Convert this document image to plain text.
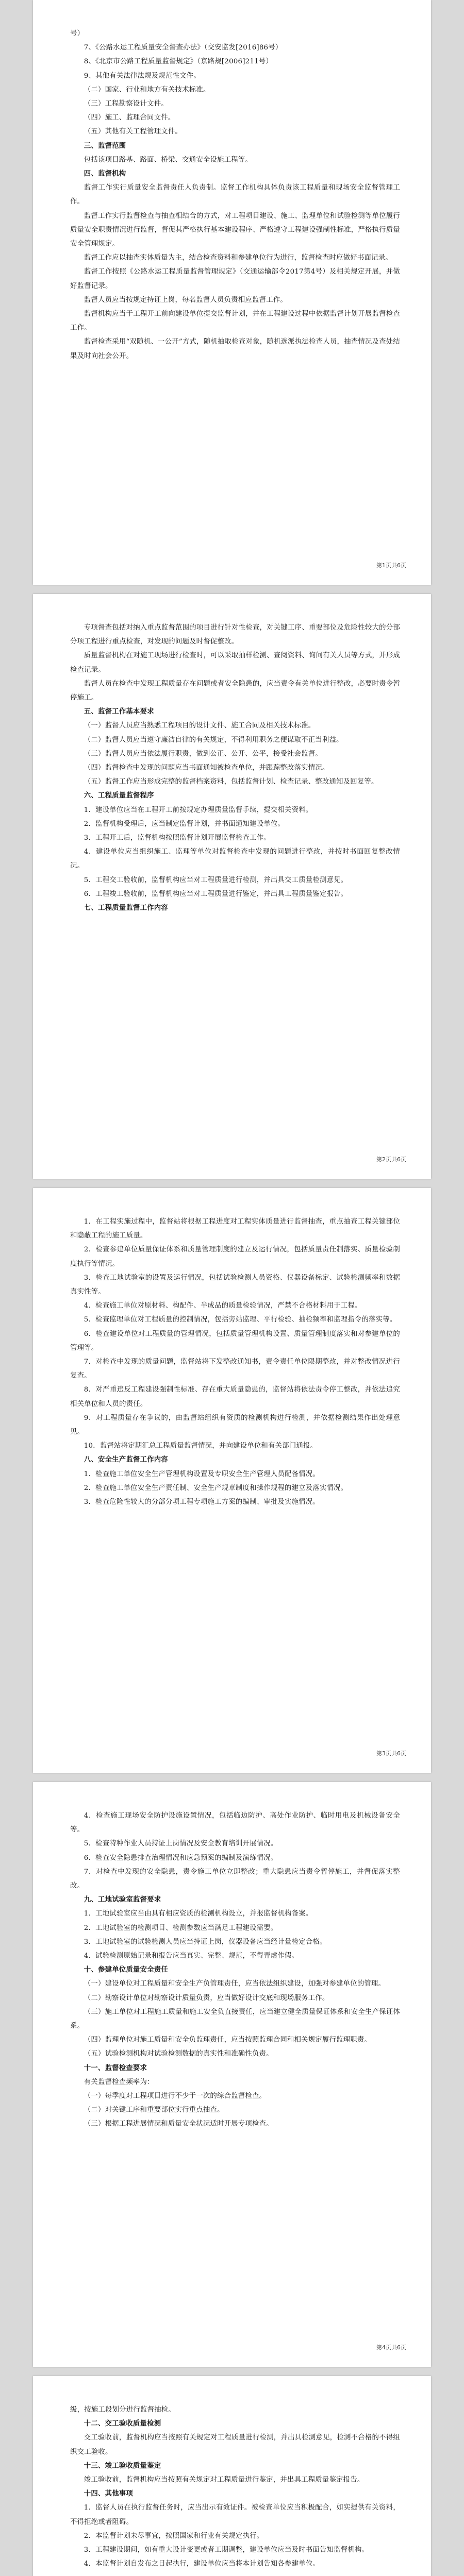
号）

7、《公路水运工程质量安全督查办法》（交安监发[2016]86号）

8、《北京市公路工程质量监督规定》（京路规[2006]211号）

9、其他有关法律法规及规范性文件。

（二）国家、行业和地方有关技术标准。

（三）工程勘察设计文件。

（四）施工、监理合同文件。

（五）其他有关工程管理文件。

三、监督范围

包括该项目路基、路面、桥梁、交通安全设施工程等。

四、监督机构

监督工作实行质量安全监督责任人负责制。监督工作机构具体负责该工程质量和现场安全监督管理工作。

监督工作实行监督检查与抽查相结合的方式，对工程项目建设、施工、监理单位和试验检测等单位履行质量安全职责情况进行监督，督促其严格执行基本建设程序、严格遵守工程建设强制性标准，严格执行质量安全管理规定。

监督工作应以抽查实体质量为主，结合检查资料和参建单位行为进行，监督检查时应做好书面记录。

监督工作按照《公路水运工程质量监督管理规定》（交通运输部令2017第4号）及相关规定开展，并做好监督记录。

监督人员应当按规定持证上岗，每名监督人员负责相应监督工作。

监督机构应当于工程开工前向建设单位提交监督计划，并在工程建设过程中依据监督计划开展监督检查工作。

监督检查采用“双随机、一公开”方式，随机抽取检查对象，随机选派执法检查人员，抽查情况及查处结果及时向社会公开。

第1页共6页

专项督查包括对纳入重点监督范围的项目进行针对性检查，对关键工序、重要部位及危险性较大的分部分项工程进行重点检查，对发现的问题及时督促整改。

质量监督机构在对施工现场进行检查时，可以采取抽样检测、查阅资料、询问有关人员等方式，并形成检查记录。

监督人员在检查中发现工程质量存在问题或者安全隐患的，应当责令有关单位进行整改，必要时责令暂停施工。

五、监督工作基本要求

（一）监督人员应当熟悉工程项目的设计文件、施工合同及相关技术标准。

（二）监督人员应当遵守廉洁自律的有关规定，不得利用职务之便谋取不正当利益。

（三）监督人员应当依法履行职责，做到公正、公开、公平，接受社会监督。

（四）监督检查中发现的问题应当书面通知被检查单位，并跟踪整改落实情况。

（五）监督工作应当形成完整的监督档案资料，包括监督计划、检查记录、整改通知及回复等。

六、工程质量监督程序

1．建设单位应当在工程开工前按规定办理质量监督手续，提交相关资料。

2．监督机构受理后，应当制定监督计划，并书面通知建设单位。

3．工程开工后，监督机构按照监督计划开展监督检查工作。

4．建设单位应当组织施工、监理等单位对监督检查中发现的问题进行整改，并按时书面回复整改情况。

5．工程交工验收前，监督机构应当对工程质量进行检测，并出具交工质量检测意见。

6．工程竣工验收前，监督机构应当对工程质量进行鉴定，并出具工程质量鉴定报告。

七、工程质量监督工作内容

第2页共6页

1．在工程实施过程中，监督站将根据工程进度对工程实体质量进行监督抽查，重点抽查工程关键部位和隐蔽工程的施工质量。

2．检查参建单位质量保证体系和质量管理制度的建立及运行情况，包括质量责任制落实、质量检验制度执行等情况。

3．检查工地试验室的设置及运行情况，包括试验检测人员资格、仪器设备标定、试验检测频率和数据真实性等。

4．检查施工单位对原材料、构配件、半成品的质量检验情况，严禁不合格材料用于工程。

5．检查监理单位对工程质量的控制情况，包括旁站监理、平行检验、抽检频率和监理指令的落实等。

6．检查建设单位对工程质量的管理情况，包括质量管理机构设置、质量管理制度落实和对参建单位的管理等。

7．对检查中发现的质量问题，监督站将下发整改通知书，责令责任单位限期整改，并对整改情况进行复查。

8．对严重违反工程建设强制性标准、存在重大质量隐患的，监督站将依法责令停工整改，并依法追究相关单位和人员的责任。

9．对工程质量存在争议的，由监督站组织有资质的检测机构进行检测，并依据检测结果作出处理意见。

10．监督站将定期汇总工程质量监督情况，并向建设单位和有关部门通报。

八、安全生产监督工作内容

1．检查施工单位安全生产管理机构设置及专职安全生产管理人员配备情况。

2．检查施工单位安全生产责任制、安全生产规章制度和操作规程的建立及落实情况。

3．检查危险性较大的分部分项工程专项施工方案的编制、审批及实施情况。

第3页共6页

4．检查施工现场安全防护设施设置情况，包括临边防护、高处作业防护、临时用电及机械设备安全等。

5．检查特种作业人员持证上岗情况及安全教育培训开展情况。

6．检查安全隐患排查治理情况和应急预案的编制及演练情况。

7．对检查中发现的安全隐患，责令施工单位立即整改；重大隐患应当责令暂停施工，并督促落实整改。

九、工地试验室监督要求

1．工地试验室应当由具有相应资质的检测机构设立，并报监督机构备案。

2．工地试验室的检测项目、检测参数应当满足工程建设需要。

3．工地试验室的试验检测人员应当持证上岗，仪器设备应当经计量检定合格。

4．试验检测原始记录和报告应当真实、完整、规范，不得弄虚作假。

十、参建单位质量安全责任

（一）建设单位对工程质量和安全生产负管理责任，应当依法组织建设，加强对参建单位的管理。

（二）勘察设计单位对勘察设计质量负责，应当做好设计交底和现场服务工作。

（三）施工单位对工程施工质量和施工安全负直接责任，应当建立健全质量保证体系和安全生产保证体系。

（四）监理单位对施工质量和安全负监理责任，应当按照监理合同和相关规定履行监理职责。

（五）试验检测机构对试验检测数据的真实性和准确性负责。

十一、监督检查要求

有关监督检查频率为：

（一）每季度对工程项目进行不少于一次的综合监督检查。

（二）对关键工序和重要部位实行重点抽查。

（三）根据工程进展情况和质量安全状况适时开展专项检查。

第4页共6页

级，按施工段划分进行监督抽检。

十二、交工验收质量检测

交工验收前，监督机构应当按照有关规定对工程质量进行检测，并出具检测意见，检测不合格的不得组织交工验收。

十三、竣工验收质量鉴定

竣工验收前，监督机构应当按照有关规定对工程质量进行鉴定，并出具工程质量鉴定报告。

十四、其他事项

1．监督人员在执行监督任务时，应当出示有效证件。被检查单位应当积极配合，如实提供有关资料，不得拒绝或者阻碍。

2．本监督计划未尽事宜，按照国家和行业有关规定执行。

3．工程建设期间，如有重大设计变更或者工期调整，建设单位应当及时书面告知监督机构。

4．本监督计划自发布之日起执行，建设单位应当将本计划告知各参建单位。
